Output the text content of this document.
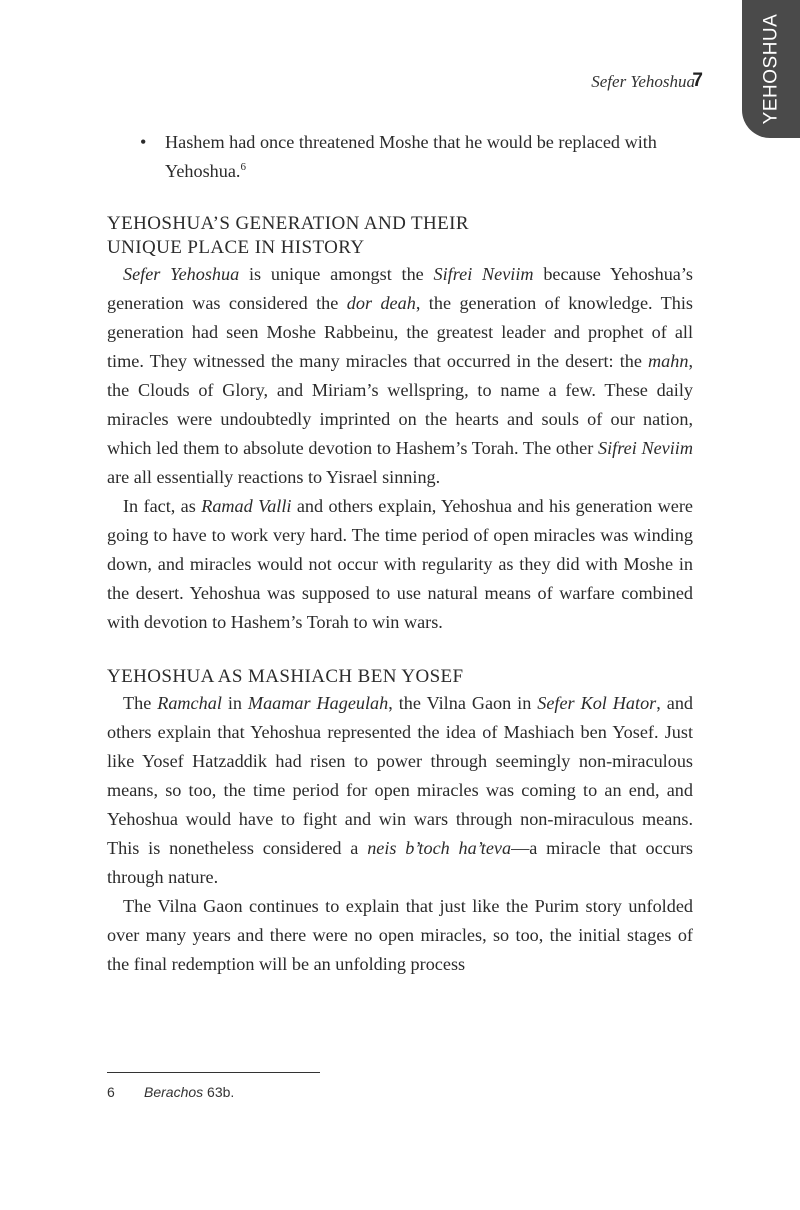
YEHOSHUA
Sefer Yehoshua
7

• Hashem had once threatened Moshe that he would be replaced with Yehoshua.$^6$

YEHOSHUA’S GENERATION AND THEIR
UNIQUE PLACE IN HISTORY

Sefer Yehoshua is unique amongst the Sifrei Neviim because Yehoshua’s generation was considered the dor deah, the generation of knowledge. This generation had seen Moshe Rabbeinu, the greatest leader and prophet of all time. They witnessed the many miracles that occurred in the desert: the mahn, the Clouds of Glory, and Miriam’s wellspring, to name a few. These daily miracles were undoubtedly imprinted on the hearts and souls of our nation, which led them to absolute devotion to Hashem’s Torah. The other Sifrei Neviim are all essentially reactions to Yisrael sinning.

In fact, as Ramad Valli and others explain, Yehoshua and his generation were going to have to work very hard. The time period of open miracles was winding down, and miracles would not occur with regularity as they did with Moshe in the desert. Yehoshua was supposed to use natural means of warfare combined with devotion to Hashem’s Torah to win wars.

YEHOSHUA AS MASHIACH BEN YOSEF

The Ramchal in Maamar Hageulah, the Vilna Gaon in Sefer Kol Hator, and others explain that Yehoshua represented the idea of Mashiach ben Yosef. Just like Yosef Hatzaddik had risen to power through seemingly non-miraculous means, so too, the time period for open miracles was coming to an end, and Yehoshua would have to fight and win wars through non-miraculous means. This is nonetheless considered a neis b’toch ha’teva—a miracle that occurs through nature.

The Vilna Gaon continues to explain that just like the Purim story unfolded over many years and there were no open miracles, so too, the initial stages of the final redemption will be an unfolding process

6 Berachos 63b.
